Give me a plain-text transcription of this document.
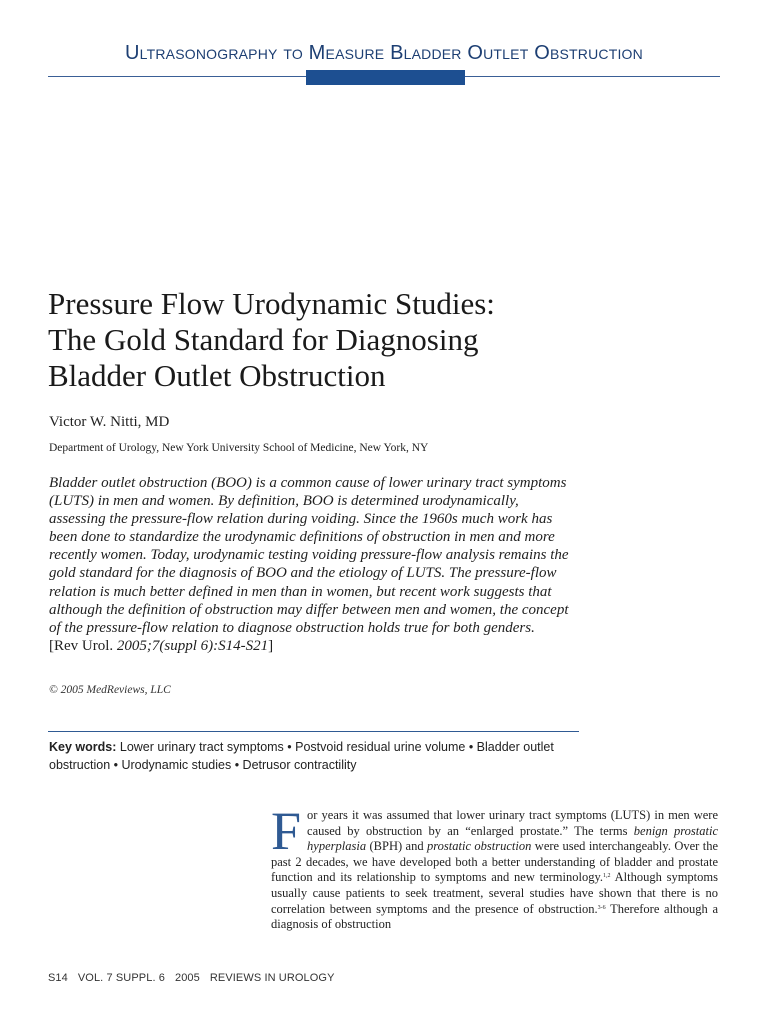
Ultrasonography to Measure Bladder Outlet Obstruction
Pressure Flow Urodynamic Studies:
The Gold Standard for Diagnosing
Bladder Outlet Obstruction
Victor W. Nitti, MD
Department of Urology, New York University School of Medicine, New York, NY
Bladder outlet obstruction (BOO) is a common cause of lower urinary tract symptoms (LUTS) in men and women. By definition, BOO is determined urodynamically, assessing the pressure-flow relation during voiding. Since the 1960s much work has been done to standardize the urodynamic definitions of obstruction in men and more recently women. Today, urodynamic testing voiding pressure-flow analysis remains the gold standard for the diagnosis of BOO and the etiology of LUTS. The pressure-flow relation is much better defined in men than in women, but recent work suggests that although the definition of obstruction may differ between men and women, the concept of the pressure-flow relation to diagnose obstruction holds true for both genders.
[Rev Urol. 2005;7(suppl 6):S14-S21]
© 2005 MedReviews, LLC
Key words: Lower urinary tract symptoms • Postvoid residual urine volume • Bladder outlet obstruction • Urodynamic studies • Detrusor contractility
For years it was assumed that lower urinary tract symptoms (LUTS) in men were caused by obstruction by an “enlarged prostate.” The terms benign prostatic hyperplasia (BPH) and prostatic obstruction were used interchangeably. Over the past 2 decades, we have developed both a better understanding of bladder and prostate function and its relationship to symptoms and new terminology.$^{1,2}$ Although symptoms usually cause patients to seek treatment, several studies have shown that there is no correlation between symptoms and the presence of obstruction.$^{3-6}$ Therefore although a diagnosis of obstruction
S14 VOL. 7 SUPPL. 6 2005 REVIEWS IN UROLOGY
